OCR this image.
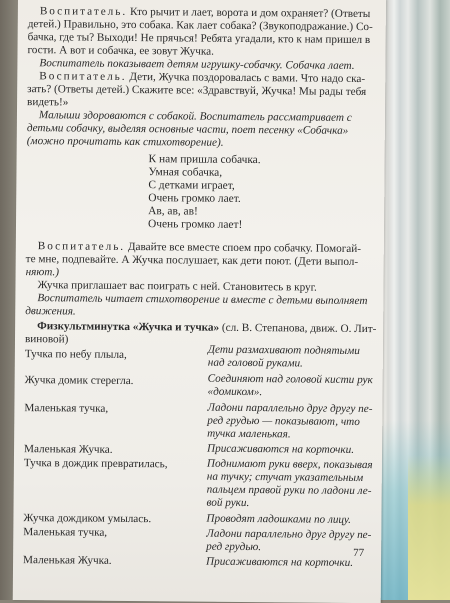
Воспитатель. Кто рычит и лает, ворота и дом охраняет? (Ответы
детей.) Правильно, это собака. Как лает собака? (Звукоподражание.) Со-
бачка, где ты? Выходи! Не прячься! Ребята угадали, кто к нам пришел в
гости. А вот и собачка, ее зовут Жучка.
Воспитатель показывает детям игрушку-собачку. Собачка лает.
Воспитатель. Дети, Жучка поздоровалась с вами. Что надо ска-
зать? (Ответы детей.) Скажите все: «Здравствуй, Жучка! Мы рады тебя
видеть!»
Малыши здороваются с собакой. Воспитатель рассматривает с
детьми собачку, выделяя основные части, поет песенку «Собачка»
(можно прочитать как стихотворение).
К нам пришла собачка.
Умная собачка,
С детками играет,
Очень громко лает.
Ав, ав, ав!
Очень громко лает!
Воспитатель. Давайте все вместе споем про собачку. Помогай-
те мне, подпевайте. А Жучка послушает, как дети поют. (Дети выпол-
няют.)
Жучка приглашает вас поиграть с ней. Становитесь в круг.
Воспитатель читает стихотворение и вместе с детьми выполняет
движения.
Физкультминутка «Жучка и тучка» (сл. В. Степанова, движ. О. Лит-
виновой)
Тучка по небу плыла,
Жучка домик стерегла.
Маленькая тучка,
Маленькая Жучка.
Тучка в дождик превратилась,
Жучка дождиком умылась.
Маленькая тучка,
Маленькая Жучка.
Дети размахивают поднятыми
над головой руками.
Соединяют над головой кисти рук
«домиком».
Ладони параллельно друг другу пе-
ред грудью — показывают, что
тучка маленькая.
Присаживаются на корточки.
Поднимают руки вверх, показывая
на тучку; стучат указательным
пальцем правой руки по ладони ле-
вой руки.
Проводят ладошками по лицу.
Ладони параллельно друг другу пе-
ред грудью.
Присаживаются на корточки.
77
